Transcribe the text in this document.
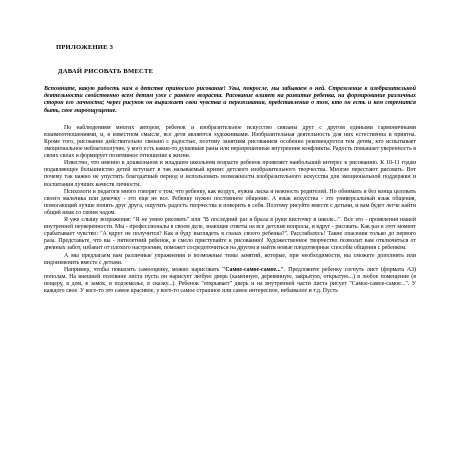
ПРИЛОЖЕНИЕ 3
ДАВАЙ РИСОВАТЬ ВМЕСТЕ

Вспомните, какую радость нам в детстве приносило рисование! Увы, покросле, мы забываем о ней. Стремление к изобразительной деятельности свойственно всем детям уже с раннего возраста. Рисование влияет на развитие ребенка, на формирование различных сторон его личности; через рисунок он выражает свои чувства и переживания, представления о том, кто он есть и кем стремится быть, свое мироощущение.

По наблюдениям многих авторов, ребенок и изобразительное искусство связаны друг с другом едиными гармоничными взаимоотношениями, и, в известном смысле, все дети являются художниками. Изобразительная деятельность для них естественна и приятна. Кроме того, рисование действительно связано с радостью, поэтому занятиям рисованием особенно рекомендуется тем детям, кто испытывает эмоциональное неблагополучие, у кого есть какие-то душевные раны или неразрешенные внутренние конфликты. Радость повышает уверенность в своих силах и формирует позитивное отношение к жизни.

Известно, что именно в дошкольном и младшем школьном возрасте ребенок проявляет наибольший интерес к рисованию. К 10-11 годам подавляющее большинство детей вступает в так называемый кризис детского изобразительного творчества. Многие перестают рисовать. Вот почему так важно не упустить благодатный период и использовать возможности изобразительного искусства для эмоциональной поддержки и воспитания лучших качеств личности.

Психологи и педагоги много говорят о том, что ребенку, как воздух, нужна ласка и нежность родителей. Но обнимать и без конца целовать своего мальчика или девочку - это еще не все. Ребенку нужно постоянное общение. А язык искусства - это универсальный язык общения, помогающий лучше понять друг друга, ощутить радость творчества и поверить в себя. Поэтому рисуйте вместе с детьми, и вам будет легче найти общий язык со своим чадом.

Я уже слышу возражения: "Я не умею рисовать" или "В последний раз я брала в руки кисточку в школе...". Все это - проявления нашей внутренней неуверенности. Мы - профессионалы в своем деле, знающие ответы на все детские вопросы, и вдруг - рисовать. Как раз в этот момент срабатывает чувство: "А вдруг не получится? Как я буду выглядеть в глазах своего ребенка?". Расслабьтесь! Такие опасения только до первого раза. Представьте, что вы - пятилетний ребенок, и смело приступайте к рисованию! Художественное творчество позволит вам отключиться от дневных забот, избавит от плохого настроения, поможет сосредоточиться на другом и найти новые плодотворные способы общения с ребенком.

А мы предлагаем вам различные упражнения и возможные темы занятий, которые, при необходимости, вы сможете дополнить или видоизменить вместе с детьми.

Например, чтобы повысить самооценку, можно нарисовать "Самое-самое-самое...". Предложите ребенку согнуть лист (формата А3) пополам. На внешней половине листа пусть он нарисует любую дверь (каменную, деревянную, закрытую, открытую...) в любое помещение (в пещеру, в дом, в замок, в подземелье, в сказку...). Ребенок "открывает" дверь и на внутренней части листа рисует "Самое-самое-самое...". У каждого свое. У кого-то это самое красивое, у кого-то самое страшное или самое интересное, небывалое и т.д. Пусть
